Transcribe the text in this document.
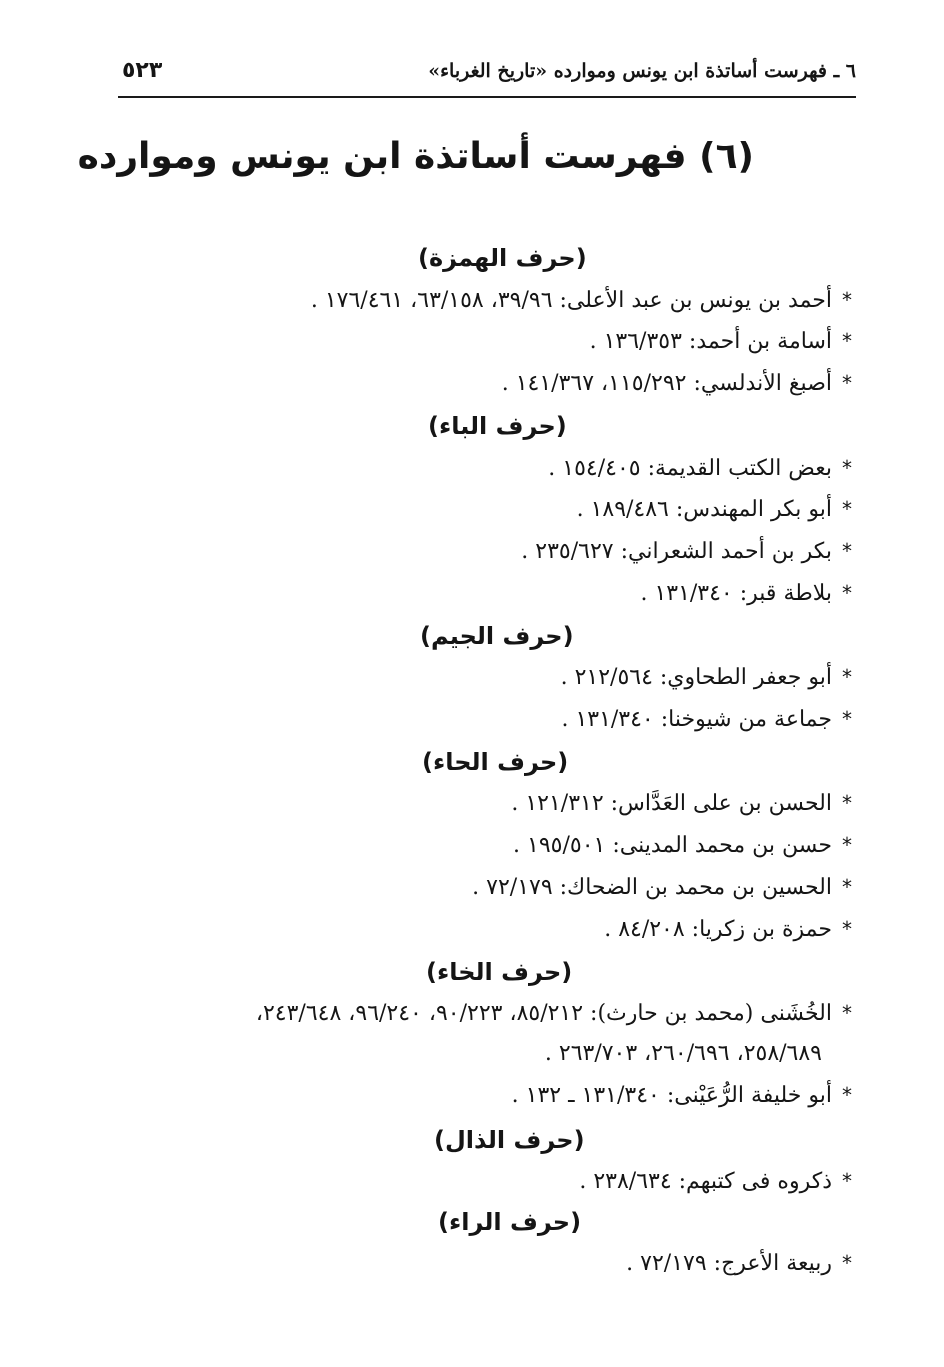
٦ ـ فهرست أساتذة ابن يونس وموارده «تاريخ الغرباء»
٥٢٣
(٦) فهرست أساتذة ابن يونس وموارده
(حرف الهمزة)
*أحمد بن يونس بن عبد الأعلى: ٣٩/٩٦، ٦٣/١٥٨، ١٧٦/٤٦١ .
*أسامة بن أحمد: ١٣٦/٣٥٣ .
*أصبغ الأندلسي: ١١٥/٢٩٢، ١٤١/٣٦٧ .
(حرف الباء)
*بعض الكتب القديمة: ١٥٤/٤٠٥ .
*أبو بكر المهندس: ١٨٩/٤٨٦ .
*بكر بن أحمد الشعراني: ٢٣٥/٦٢٧ .
*بلاطة قبر: ١٣١/٣٤٠ .
(حرف الجيم)
*أبو جعفر الطحاوي: ٢١٢/٥٦٤ .
*جماعة من شيوخنا: ١٣١/٣٤٠ .
(حرف الحاء)
*الحسن بن على العَدَّاس: ١٢١/٣١٢ .
*حسن بن محمد المدينى: ١٩٥/٥٠١ .
*الحسين بن محمد بن الضحاك: ٧٢/١٧٩ .
*حمزة بن زكريا: ٨٤/٢٠٨ .
(حرف الخاء)
*الخُشَنى (محمد بن حارث): ٨٥/٢١٢، ٩٠/٢٢٣، ٩٦/٢٤٠، ٢٤٣/٦٤٨،
٢٥٨/٦٨٩، ٢٦٠/٦٩٦، ٢٦٣/٧٠٣ .
*أبو خليفة الرُّعَيْنى: ١٣١/٣٤٠ ـ ١٣٢ .
(حرف الذال)
*ذكروه فى كتبهم: ٢٣٨/٦٣٤ .
(حرف الراء)
*ربيعة الأعرج: ٧٢/١٧٩ .
